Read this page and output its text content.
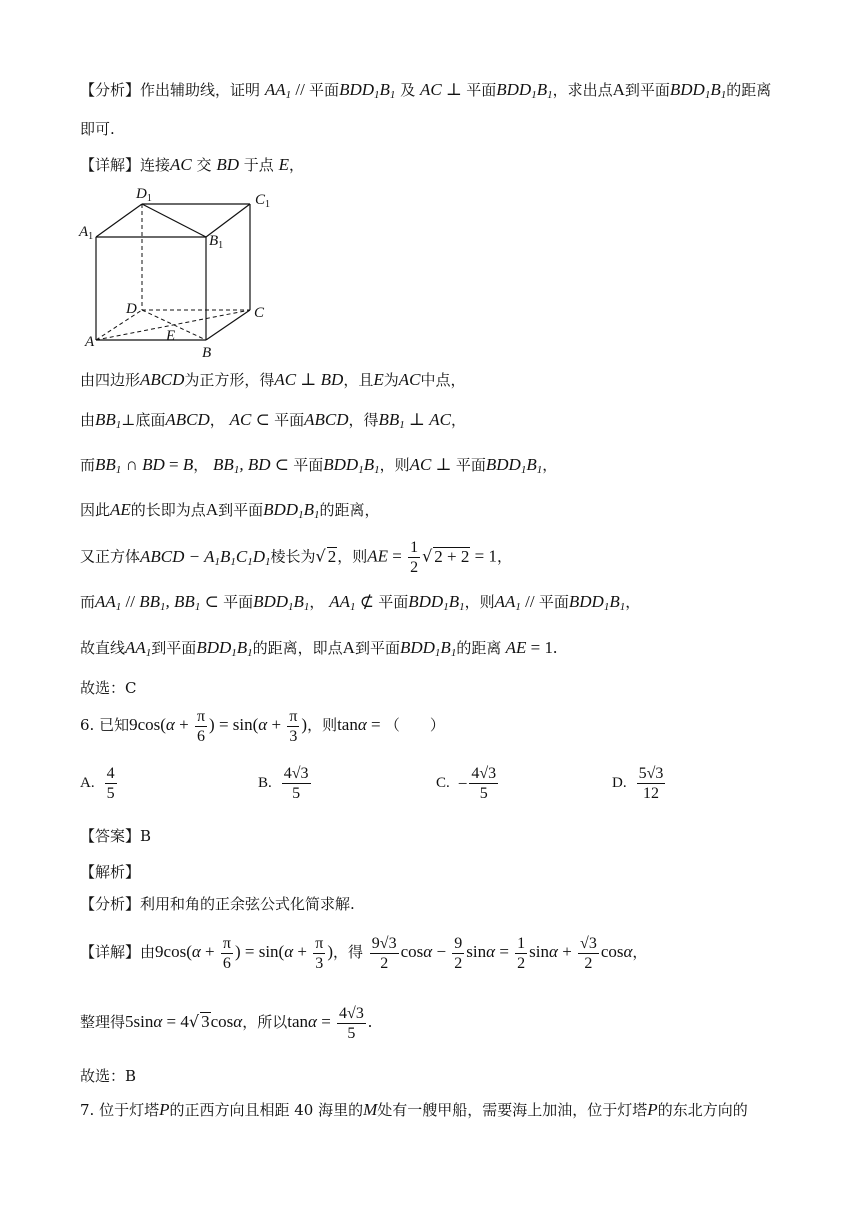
【分析】作出辅助线，证明 $AA_1$ // 平面$BDD_1B_1$ 及 AC ⊥ 平面$BDD_1B_1$，求出点A到平面$BDD_1B_1$的距离
即可.
【详解】连接AC 交 BD 于点 E，
$D_1$	$C_1$
$A_1$	$B_1$
D	C
E
A
B
由四边形ABCD为正方形，得AC ⊥ BD，且E为AC中点，
由$BB_1\perp$底面ABCD， AC ⊂ 平面ABCD，得$BB_1$ ⊥ AC，
而$BB_1$ ∩ BD = B， $BB_1$, BD ⊂ 平面$BDD_1B_1$，则AC ⊥ 平面$BDD_1B_1$，
因此AE的长即为点A到平面$BDD_1B_1$的距离，
又正方体ABCD − $A_1B_1C_1D_1$棱长为√ 2，则AE = $\frac{1}{2}$ √ 2 + 2 = 1，
而$AA_1 // BB_1$, $BB_1$ ⊂ 平面$BDD_1B_1$， $AA_1$ ⊄ 平面$BDD_1B_1$，则$AA_1$ // 平面$BDD_1B_1$，
故直线$AA_1$到平面$BDD_1B_1$的距离，即点A到平面$BDD_1B_1$的距离 AE = 1.
故选：C
6. 已知$9\cos(\alpha + \frac{\pi}{6}$ ) = $\sin(\alpha + \frac{\pi}{3}$ )，则tanα = （　　）
A. $\frac{4}{5}$	B. $\frac{4√3}{5}$	C. − $\frac{4√3}{5}$	D. $\frac{5√3}{12}$
【答案】B
【解析】
【分析】利用和角的正余弦公式化简求解.
【详解】由$9\cos(\alpha + \frac{\pi}{6}$ ) = $\sin(\alpha + \frac{\pi}{3}$ )，得 $\frac{9√3}{2}$ $\cos\alpha - \frac{9}{2}$ $\sin\alpha = \frac{1}{2}$ $\sin\alpha + \frac{√3}{2}$ cosα，
整理得5sinα = 4√ 3cosα，所以$\tan\alpha = \frac{4√3}{5}$ .
故选：B
7. 位于灯塔P的正西方向且相距 40 海里的M处有一艘甲船，需要海上加油，位于灯塔P的东北方向的
